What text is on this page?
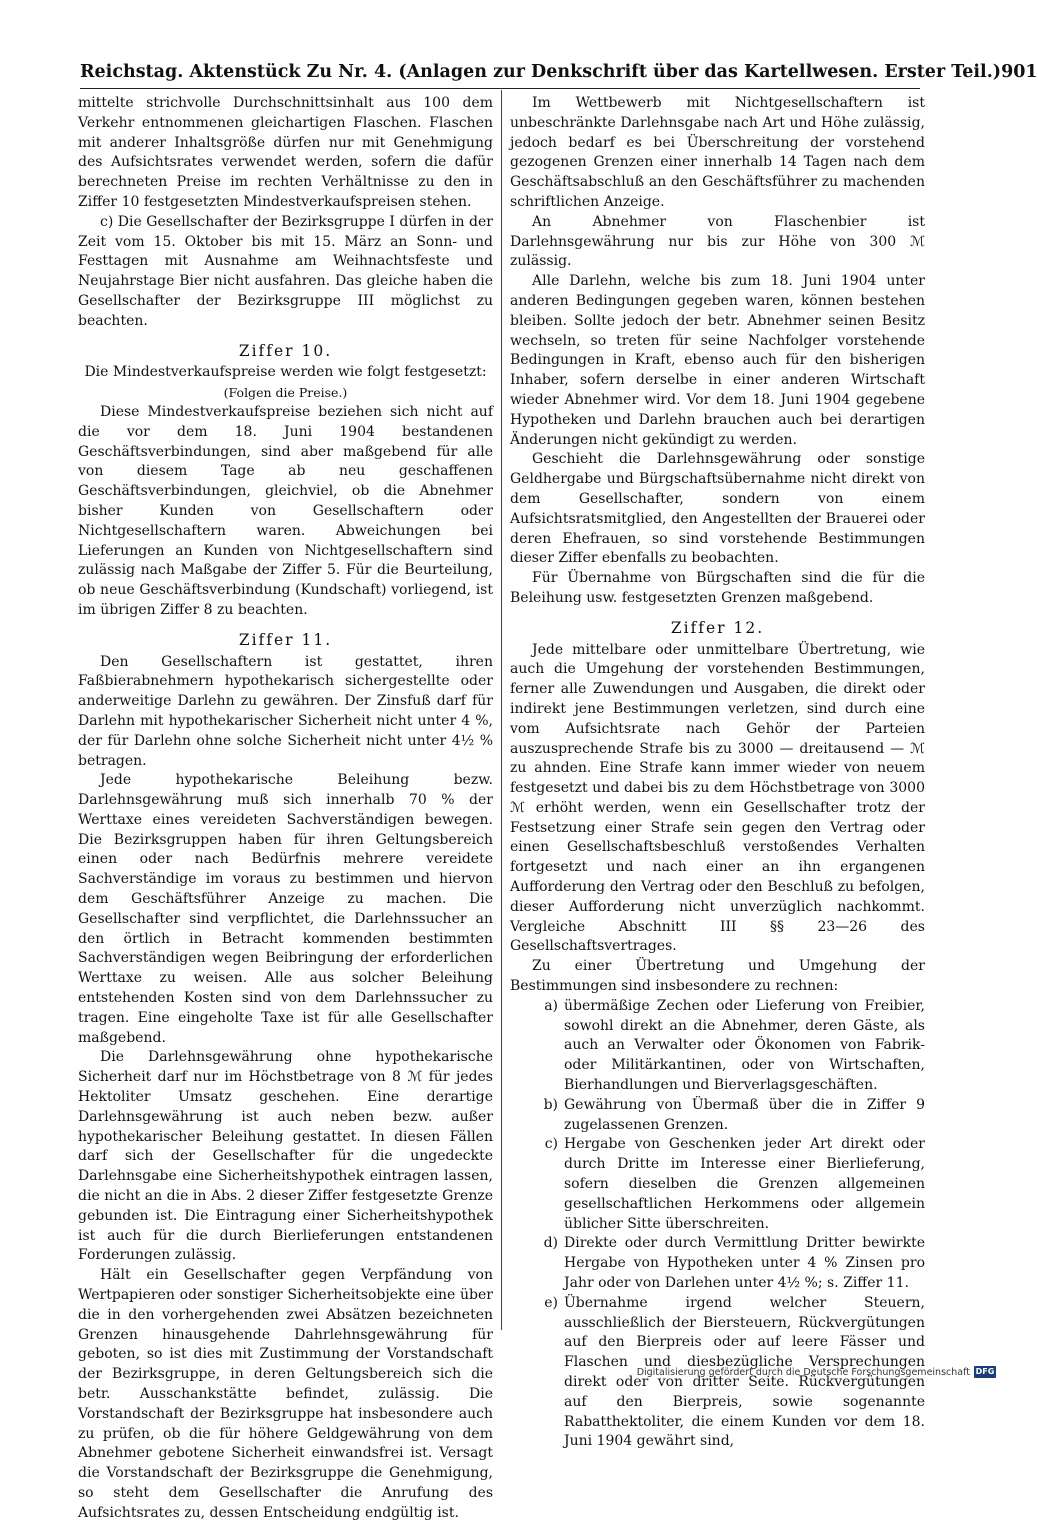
Reichstag. Aktenstück Zu Nr. 4. (Anlagen zur Denkschrift über das Kartellwesen. Erster Teil.) 901

mittelte strichvolle Durchschnittsinhalt aus 100 dem Verkehr entnommenen gleichartigen Flaschen. Flaschen mit anderer Inhaltsgröße dürfen nur mit Genehmigung des Aufsichtsrates verwendet werden, sofern die dafür berechneten Preise im rechten Verhältnisse zu den in Ziffer 10 festgesetzten Mindestverkaufspreisen stehen.

c) Die Gesellschafter der Bezirksgruppe I dürfen in der Zeit vom 15. Oktober bis mit 15. März an Sonn- und Festtagen mit Ausnahme am Weihnachtsfeste und Neujahrstage Bier nicht ausfahren. Das gleiche haben die Gesellschafter der Bezirksgruppe III möglichst zu beachten.

Ziffer 10.

Die Mindestverkaufspreise werden wie folgt festgesetzt:

(Folgen die Preise.)

Diese Mindestverkaufspreise beziehen sich nicht auf die vor dem 18. Juni 1904 bestandenen Geschäftsverbindungen, sind aber maßgebend für alle von diesem Tage ab neu geschaffenen Geschäftsverbindungen, gleichviel, ob die Abnehmer bisher Kunden von Gesellschaftern oder Nichtgesellschaftern waren. Abweichungen bei Lieferungen an Kunden von Nichtgesellschaftern sind zulässig nach Maßgabe der Ziffer 5. Für die Beurteilung, ob neue Geschäftsverbindung (Kundschaft) vorliegend, ist im übrigen Ziffer 8 zu beachten.

Ziffer 11.

Den Gesellschaftern ist gestattet, ihren Faßbierabnehmern hypothekarisch sichergestellte oder anderweitige Darlehn zu gewähren. Der Zinsfuß darf für Darlehn mit hypothekarischer Sicherheit nicht unter 4 %, der für Darlehn ohne solche Sicherheit nicht unter 4½ % betragen.

Jede hypothekarische Beleihung bezw. Darlehnsgewährung muß sich innerhalb 70 % der Werttaxe eines vereideten Sachverständigen bewegen. Die Bezirksgruppen haben für ihren Geltungsbereich einen oder nach Bedürfnis mehrere vereidete Sachverständige im voraus zu bestimmen und hiervon dem Geschäftsführer Anzeige zu machen. Die Gesellschafter sind verpflichtet, die Darlehnssucher an den örtlich in Betracht kommenden bestimmten Sachverständigen wegen Beibringung der erforderlichen Werttaxe zu weisen. Alle aus solcher Beleihung entstehenden Kosten sind von dem Darlehnssucher zu tragen. Eine eingeholte Taxe ist für alle Gesellschafter maßgebend.

Die Darlehnsgewährung ohne hypothekarische Sicherheit darf nur im Höchstbetrage von 8 ℳ für jedes Hektoliter Umsatz geschehen. Eine derartige Darlehnsgewährung ist auch neben bezw. außer hypothekarischer Beleihung gestattet. In diesen Fällen darf sich der Gesellschafter für die ungedeckte Darlehnsgabe eine Sicherheitshypothek eintragen lassen, die nicht an die in Abs. 2 dieser Ziffer festgesetzte Grenze gebunden ist. Die Eintragung einer Sicherheitshypothek ist auch für die durch Bierlieferungen entstandenen Forderungen zulässig.

Hält ein Gesellschafter gegen Verpfändung von Wertpapieren oder sonstiger Sicherheitsobjekte eine über die in den vorhergehenden zwei Absätzen bezeichneten Grenzen hinausgehende Dahrlehnsgewährung für geboten, so ist dies mit Zustimmung der Vorstandschaft der Bezirksgruppe, in deren Geltungsbereich sich die betr. Ausschankstätte befindet, zulässig. Die Vorstandschaft der Bezirksgruppe hat insbesondere auch zu prüfen, ob die für höhere Geldgewährung von dem Abnehmer gebotene Sicherheit einwandsfrei ist. Versagt die Vorstandschaft der Bezirksgruppe die Genehmigung, so steht dem Gesellschafter die Anrufung des Aufsichtsrates zu, dessen Entscheidung endgültig ist.

Im Wettbewerb mit Nichtgesellschaftern ist unbeschränkte Darlehnsgabe nach Art und Höhe zulässig, jedoch bedarf es bei Überschreitung der vorstehend gezogenen Grenzen einer innerhalb 14 Tagen nach dem Geschäftsabschluß an den Geschäftsführer zu machenden schriftlichen Anzeige.

An Abnehmer von Flaschenbier ist Darlehnsgewährung nur bis zur Höhe von 300 ℳ zulässig.

Alle Darlehn, welche bis zum 18. Juni 1904 unter anderen Bedingungen gegeben waren, können bestehen bleiben. Sollte jedoch der betr. Abnehmer seinen Besitz wechseln, so treten für seine Nachfolger vorstehende Bedingungen in Kraft, ebenso auch für den bisherigen Inhaber, sofern derselbe in einer anderen Wirtschaft wieder Abnehmer wird. Vor dem 18. Juni 1904 gegebene Hypotheken und Darlehn brauchen auch bei derartigen Änderungen nicht gekündigt zu werden.

Geschieht die Darlehnsgewährung oder sonstige Geldhergabe und Bürgschaftsübernahme nicht direkt von dem Gesellschafter, sondern von einem Aufsichtsratsmitglied, den Angestellten der Brauerei oder deren Ehefrauen, so sind vorstehende Bestimmungen dieser Ziffer ebenfalls zu beobachten.

Für Übernahme von Bürgschaften sind die für die Beleihung usw. festgesetzten Grenzen maßgebend.

Ziffer 12.

Jede mittelbare oder unmittelbare Übertretung, wie auch die Umgehung der vorstehenden Bestimmungen, ferner alle Zuwendungen und Ausgaben, die direkt oder indirekt jene Bestimmungen verletzen, sind durch eine vom Aufsichtsrate nach Gehör der Parteien auszusprechende Strafe bis zu 3000 — dreitausend — ℳ zu ahnden. Eine Strafe kann immer wieder von neuem festgesetzt und dabei bis zu dem Höchstbetrage von 3000 ℳ erhöht werden, wenn ein Gesellschafter trotz der Festsetzung einer Strafe sein gegen den Vertrag oder einen Gesellschaftsbeschluß verstoßendes Verhalten fortgesetzt und nach einer an ihn ergangenen Aufforderung den Vertrag oder den Beschluß zu befolgen, dieser Aufforderung nicht unverzüglich nachkommt. Vergleiche Abschnitt III §§ 23—26 des Gesellschaftsvertrages.

Zu einer Übertretung und Umgehung der Bestimmungen sind insbesondere zu rechnen:

a) übermäßige Zechen oder Lieferung von Freibier, sowohl direkt an die Abnehmer, deren Gäste, als auch an Verwalter oder Ökonomen von Fabrik- oder Militärkantinen, oder von Wirtschaften, Bierhandlungen und Bierverlagsgeschäften.
b) Gewährung von Übermaß über die in Ziffer 9 zugelassenen Grenzen.
c) Hergabe von Geschenken jeder Art direkt oder durch Dritte im Interesse einer Bierlieferung, sofern dieselben die Grenzen allgemeinen gesellschaftlichen Herkommens oder allgemein üblicher Sitte überschreiten.
d) Direkte oder durch Vermittlung Dritter bewirkte Hergabe von Hypotheken unter 4 % Zinsen pro Jahr oder von Darlehen unter 4½ %; s. Ziffer 11.
e) Übernahme irgend welcher Steuern, ausschließlich der Biersteuern, Rückvergütungen auf den Bierpreis oder auf leere Fässer und Flaschen und diesbezügliche Versprechungen direkt oder von dritter Seite. Rückvergütungen auf den Bierpreis, sowie sogenannte Rabatthektoliter, die einem Kunden vor dem 18. Juni 1904 gewährt sind,
Digitalisierung gefördert durch die Deutsche Forschungsgemeinschaft DFG
